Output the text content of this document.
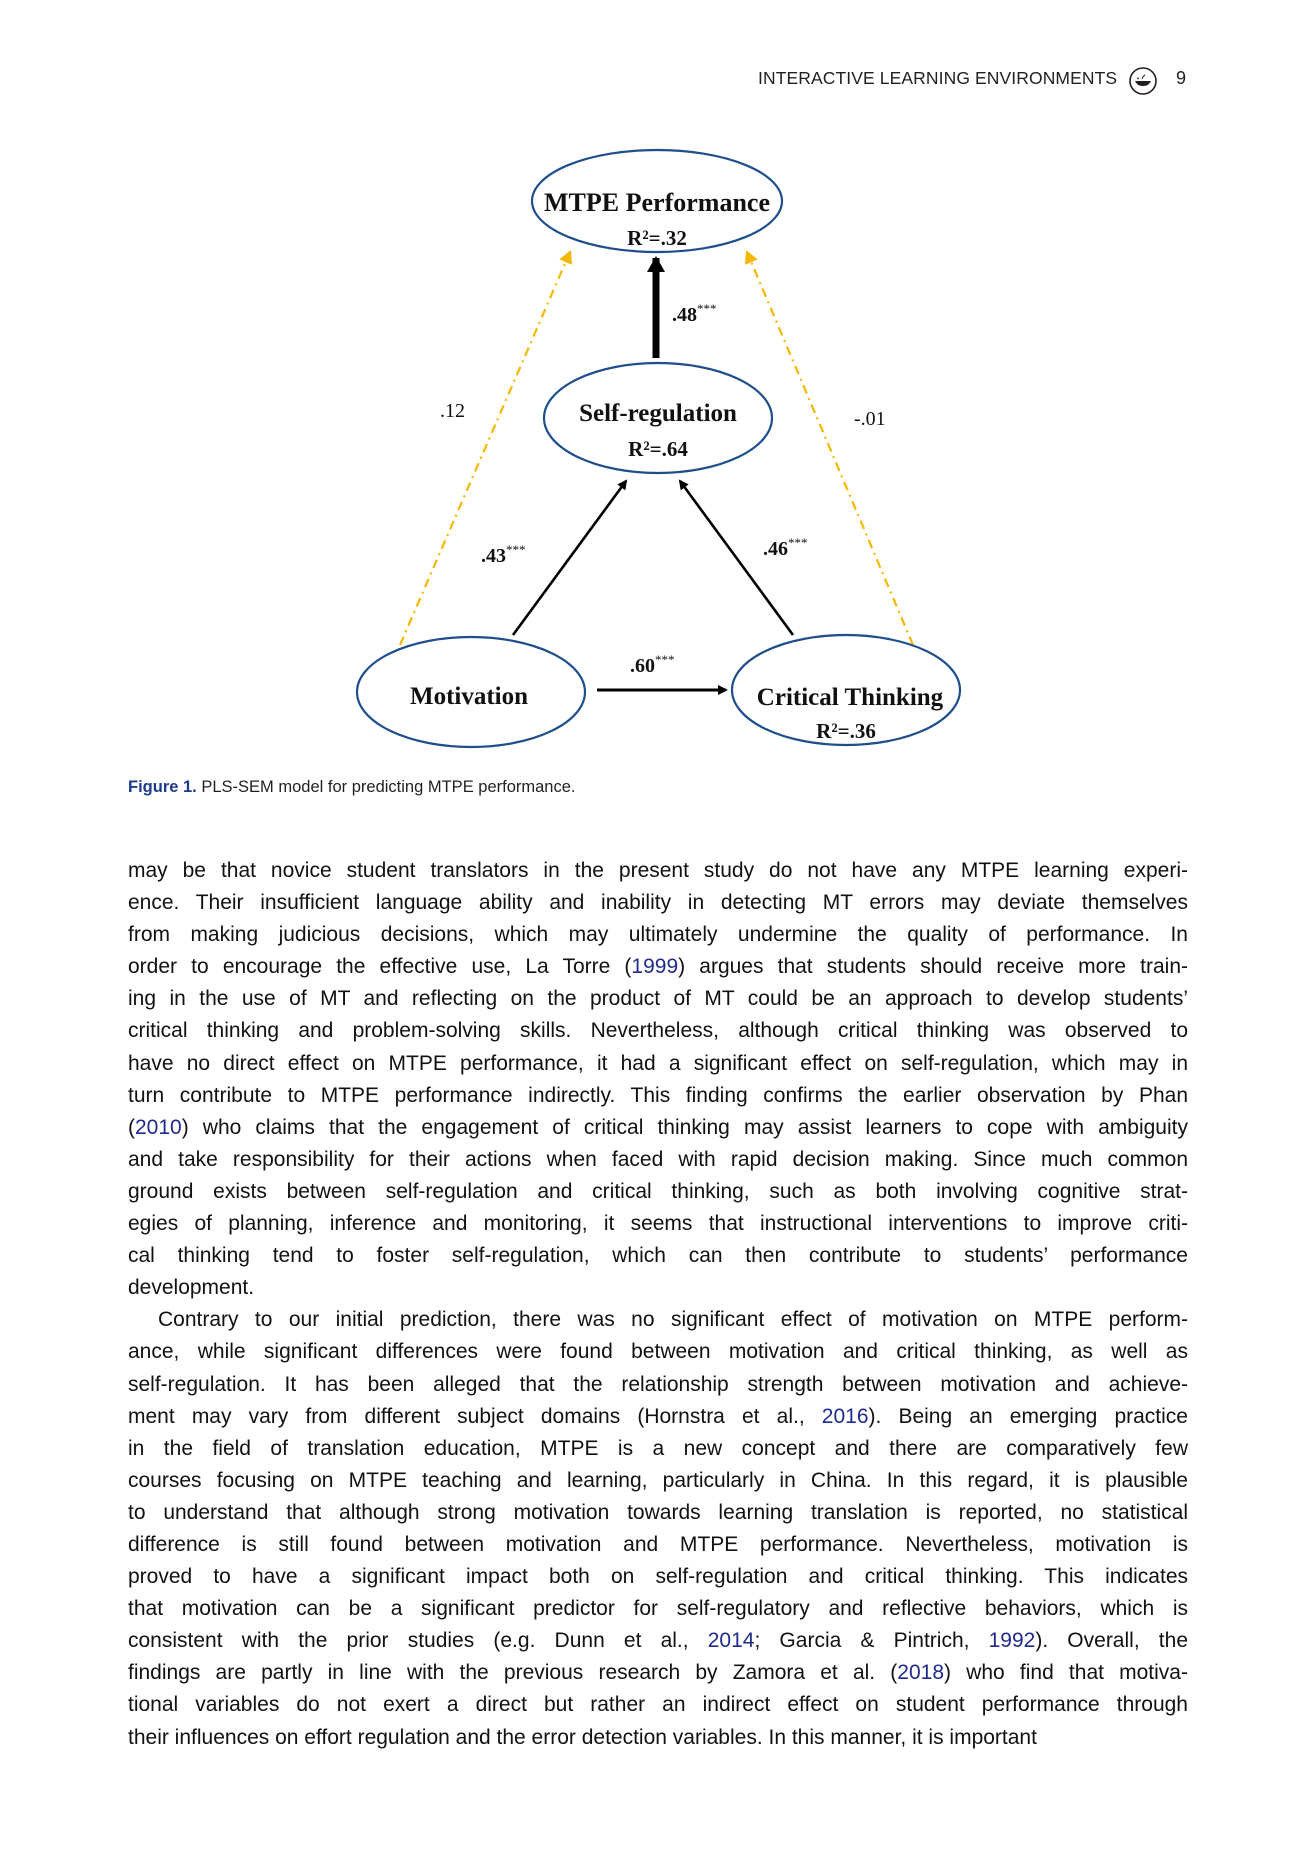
INTERACTIVE LEARNING ENVIRONMENTS	9
MTPE Performance
R²=.32
Self-regulation
R²=.64
Motivation	Critical Thinking
R²=.36
.48***
.43***	.46***
.60***
.12	-.01
Figure 1. PLS-SEM model for predicting MTPE performance.

may be that novice student translators in the present study do not have any MTPE learning experi-
ence. Their insufficient language ability and inability in detecting MT errors may deviate themselves
from making judicious decisions, which may ultimately undermine the quality of performance. In
order to encourage the effective use, La Torre (1999) argues that students should receive more train-
ing in the use of MT and reflecting on the product of MT could be an approach to develop students’
critical thinking and problem-solving skills. Nevertheless, although critical thinking was observed to
have no direct effect on MTPE performance, it had a significant effect on self-regulation, which may in
turn contribute to MTPE performance indirectly. This finding confirms the earlier observation by Phan
(2010) who claims that the engagement of critical thinking may assist learners to cope with ambiguity
and take responsibility for their actions when faced with rapid decision making. Since much common
ground exists between self-regulation and critical thinking, such as both involving cognitive strat-
egies of planning, inference and monitoring, it seems that instructional interventions to improve criti-
cal thinking tend to foster self-regulation, which can then contribute to students’ performance
development.

Contrary to our initial prediction, there was no significant effect of motivation on MTPE perform-
ance, while significant differences were found between motivation and critical thinking, as well as
self-regulation. It has been alleged that the relationship strength between motivation and achieve-
ment may vary from different subject domains (Hornstra et al., 2016). Being an emerging practice
in the field of translation education, MTPE is a new concept and there are comparatively few
courses focusing on MTPE teaching and learning, particularly in China. In this regard, it is plausible
to understand that although strong motivation towards learning translation is reported, no statistical
difference is still found between motivation and MTPE performance. Nevertheless, motivation is
proved to have a significant impact both on self-regulation and critical thinking. This indicates
that motivation can be a significant predictor for self-regulatory and reflective behaviors, which is
consistent with the prior studies (e.g. Dunn et al., 2014; Garcia & Pintrich, 1992). Overall, the
findings are partly in line with the previous research by Zamora et al. (2018) who find that motiva-
tional variables do not exert a direct but rather an indirect effect on student performance through
their influences on effort regulation and the error detection variables. In this manner, it is important
